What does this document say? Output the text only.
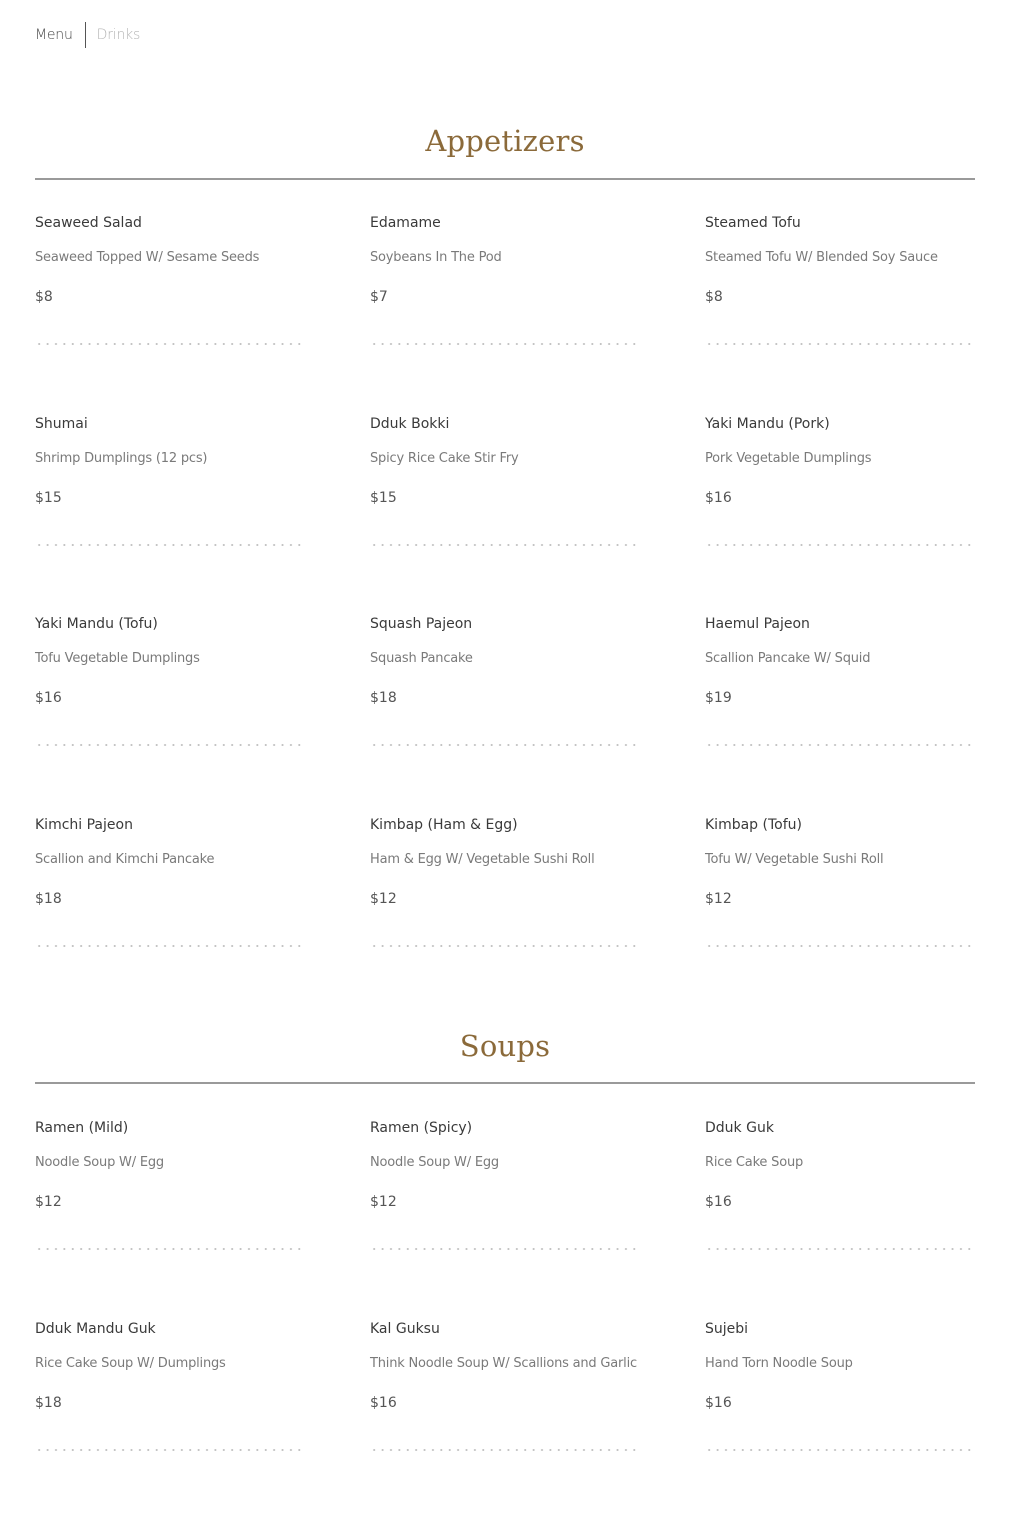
Menu Drinks
Appetizers
Seaweed Salad
Seaweed Topped W/ Sesame Seeds
$8
Edamame
Soybeans In The Pod
$7
Steamed Tofu
Steamed Tofu W/ Blended Soy Sauce
$8
Shumai
Shrimp Dumplings (12 pcs)
$15
Dduk Bokki
Spicy Rice Cake Stir Fry
$15
Yaki Mandu (Pork)
Pork Vegetable Dumplings
$16
Yaki Mandu (Tofu)
Tofu Vegetable Dumplings
$16
Squash Pajeon
Squash Pancake
$18
Haemul Pajeon
Scallion Pancake W/ Squid
$19
Kimchi Pajeon
Scallion and Kimchi Pancake
$18
Kimbap (Ham & Egg)
Ham & Egg W/ Vegetable Sushi Roll
$12
Kimbap (Tofu)
Tofu W/ Vegetable Sushi Roll
$12
Soups
Ramen (Mild)
Noodle Soup W/ Egg
$12
Ramen (Spicy)
Noodle Soup W/ Egg
$12
Dduk Guk
Rice Cake Soup
$16
Dduk Mandu Guk
Rice Cake Soup W/ Dumplings
$18
Kal Guksu
Think Noodle Soup W/ Scallions and Garlic
$16
Sujebi
Hand Torn Noodle Soup
$16
